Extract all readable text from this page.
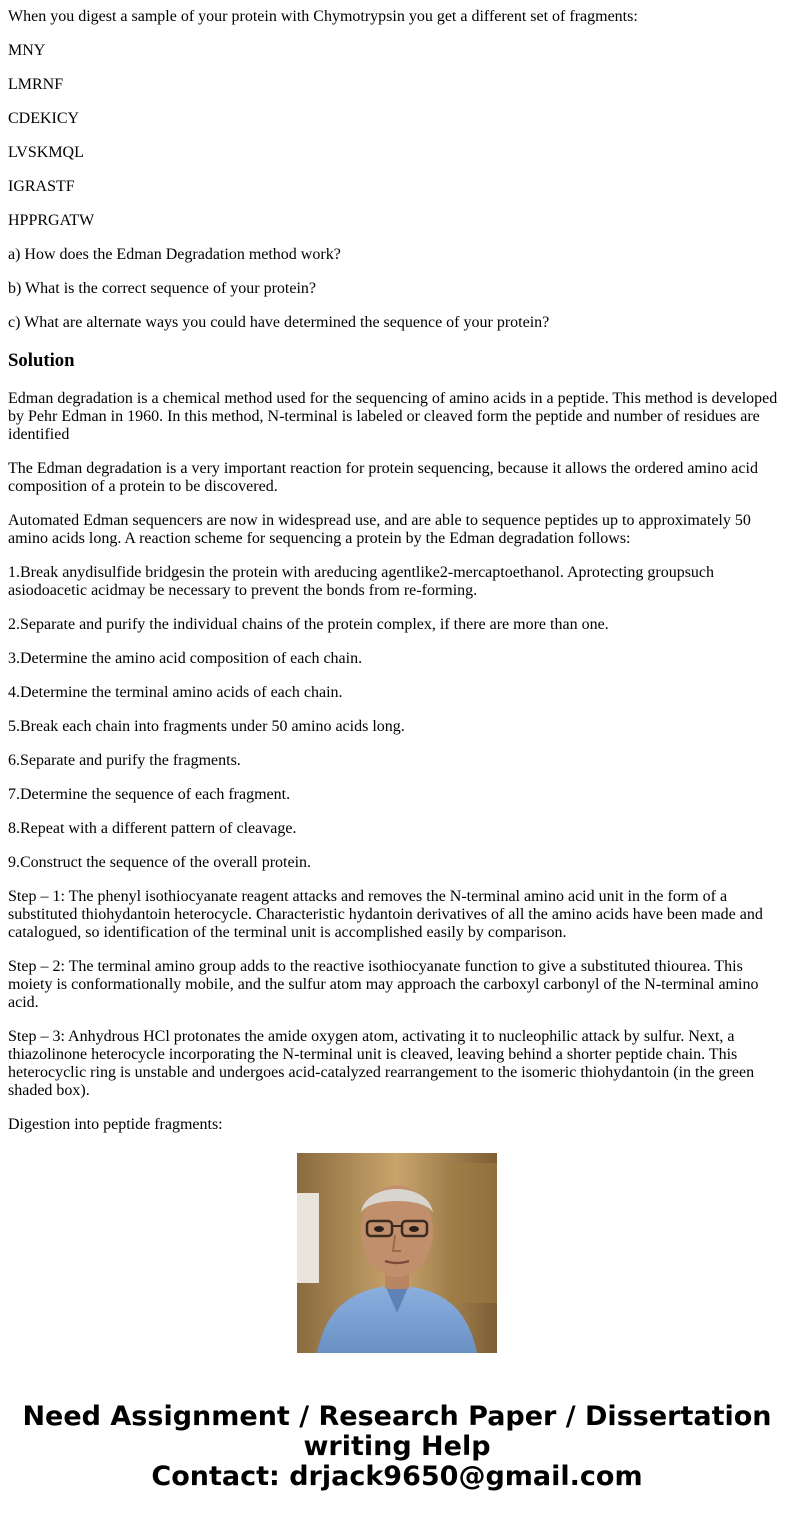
When you digest a sample of your protein with Chymotrypsin you get a different set of fragments:

MNY

LMRNF

CDEKICY

LVSKMQL

IGRASTF

HPPRGATW

a) How does the Edman Degradation method work?

b) What is the correct sequence of your protein?

c) What are alternate ways you could have determined the sequence of your protein?

Solution

Edman degradation is a chemical method used for the sequencing of amino acids in a peptide. This method is developed by Pehr Edman in 1960. In this method, N-terminal is labeled or cleaved form the peptide and number of residues are identified

The Edman degradation is a very important reaction for protein sequencing, because it allows the ordered amino acid composition of a protein to be discovered.

Automated Edman sequencers are now in widespread use, and are able to sequence peptides up to approximately 50 amino acids long. A reaction scheme for sequencing a protein by the Edman degradation follows:

1.Break anydisulfide bridgesin the protein with areducing agentlike2-mercaptoethanol. Aprotecting groupsuch asiodoacetic acidmay be necessary to prevent the bonds from re-forming.

2.Separate and purify the individual chains of the protein complex, if there are more than one.

3.Determine the amino acid composition of each chain.

4.Determine the terminal amino acids of each chain.

5.Break each chain into fragments under 50 amino acids long.

6.Separate and purify the fragments.

7.Determine the sequence of each fragment.

8.Repeat with a different pattern of cleavage.

9.Construct the sequence of the overall protein.

Step – 1: The phenyl isothiocyanate reagent attacks and removes the N-terminal amino acid unit in the form of a substituted thiohydantoin heterocycle. Characteristic hydantoin derivatives of all the amino acids have been made and catalogued, so identification of the terminal unit is accomplished easily by comparison.

Step – 2: The terminal amino group adds to the reactive isothiocyanate function to give a substituted thiourea. This moiety is conformationally mobile, and the sulfur atom may approach the carboxyl carbonyl of the N-terminal amino acid.

Step – 3: Anhydrous HCl protonates the amide oxygen atom, activating it to nucleophilic attack by sulfur. Next, a thiazolinone heterocycle incorporating the N-terminal unit is cleaved, leaving behind a shorter peptide chain. This heterocyclic ring is unstable and undergoes acid-catalyzed rearrangement to the isomeric thiohydantoin (in the green shaded box).

Digestion into peptide fragments:

Need Assignment / Research Paper / Dissertation
writing Help
Contact: drjack9650@gmail.com
